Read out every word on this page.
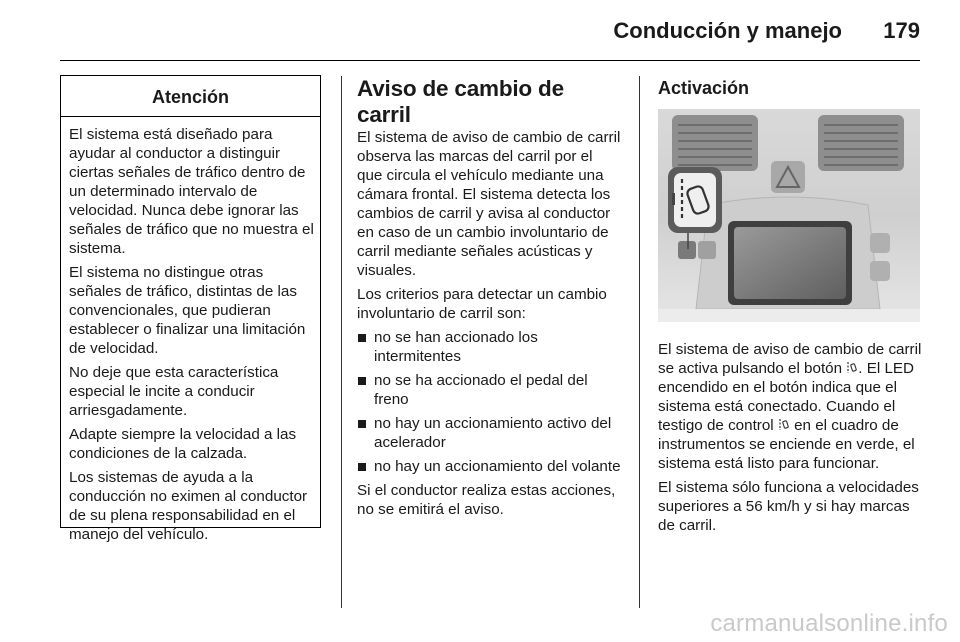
Conducción y manejo 179
Atención

El sistema está diseñado para ayudar al conductor a distinguir ciertas señales de tráfico dentro de un determinado intervalo de velocidad. Nunca debe ignorar las señales de tráfico que no muestra el sistema.

El sistema no distingue otras señales de tráfico, distintas de las convencionales, que pudieran establecer o finalizar una limitación de velocidad.

No deje que esta característica especial le incite a conducir arriesgadamente.

Adapte siempre la velocidad a las condiciones de la calzada.

Los sistemas de ayuda a la conducción no eximen al conductor de su plena responsabilidad en el manejo del vehículo.

Aviso de cambio de carril

El sistema de aviso de cambio de carril observa las marcas del carril por el que circula el vehículo mediante una cámara frontal. El sistema detecta los cambios de carril y avisa al conductor en caso de un cambio involuntario de carril mediante señales acústicas y visuales.

Los criterios para detectar un cambio involuntario de carril son:

no se han accionado los intermitentes
no se ha accionado el pedal del freno
no hay un accionamiento activo del acelerador
no hay un accionamiento del volante

Si el conductor realiza estas acciones, no se emitirá el aviso.

Activación

El sistema de aviso de cambio de carril se activa pulsando el botón . El LED encendido en el botón indica que el sistema está conectado. Cuando el testigo de control  en el cuadro de instrumentos se enciende en verde, el sistema está listo para funcionar.

El sistema sólo funciona a velocidades superiores a 56 km/h y si hay marcas de carril.

carmanualsonline.info
